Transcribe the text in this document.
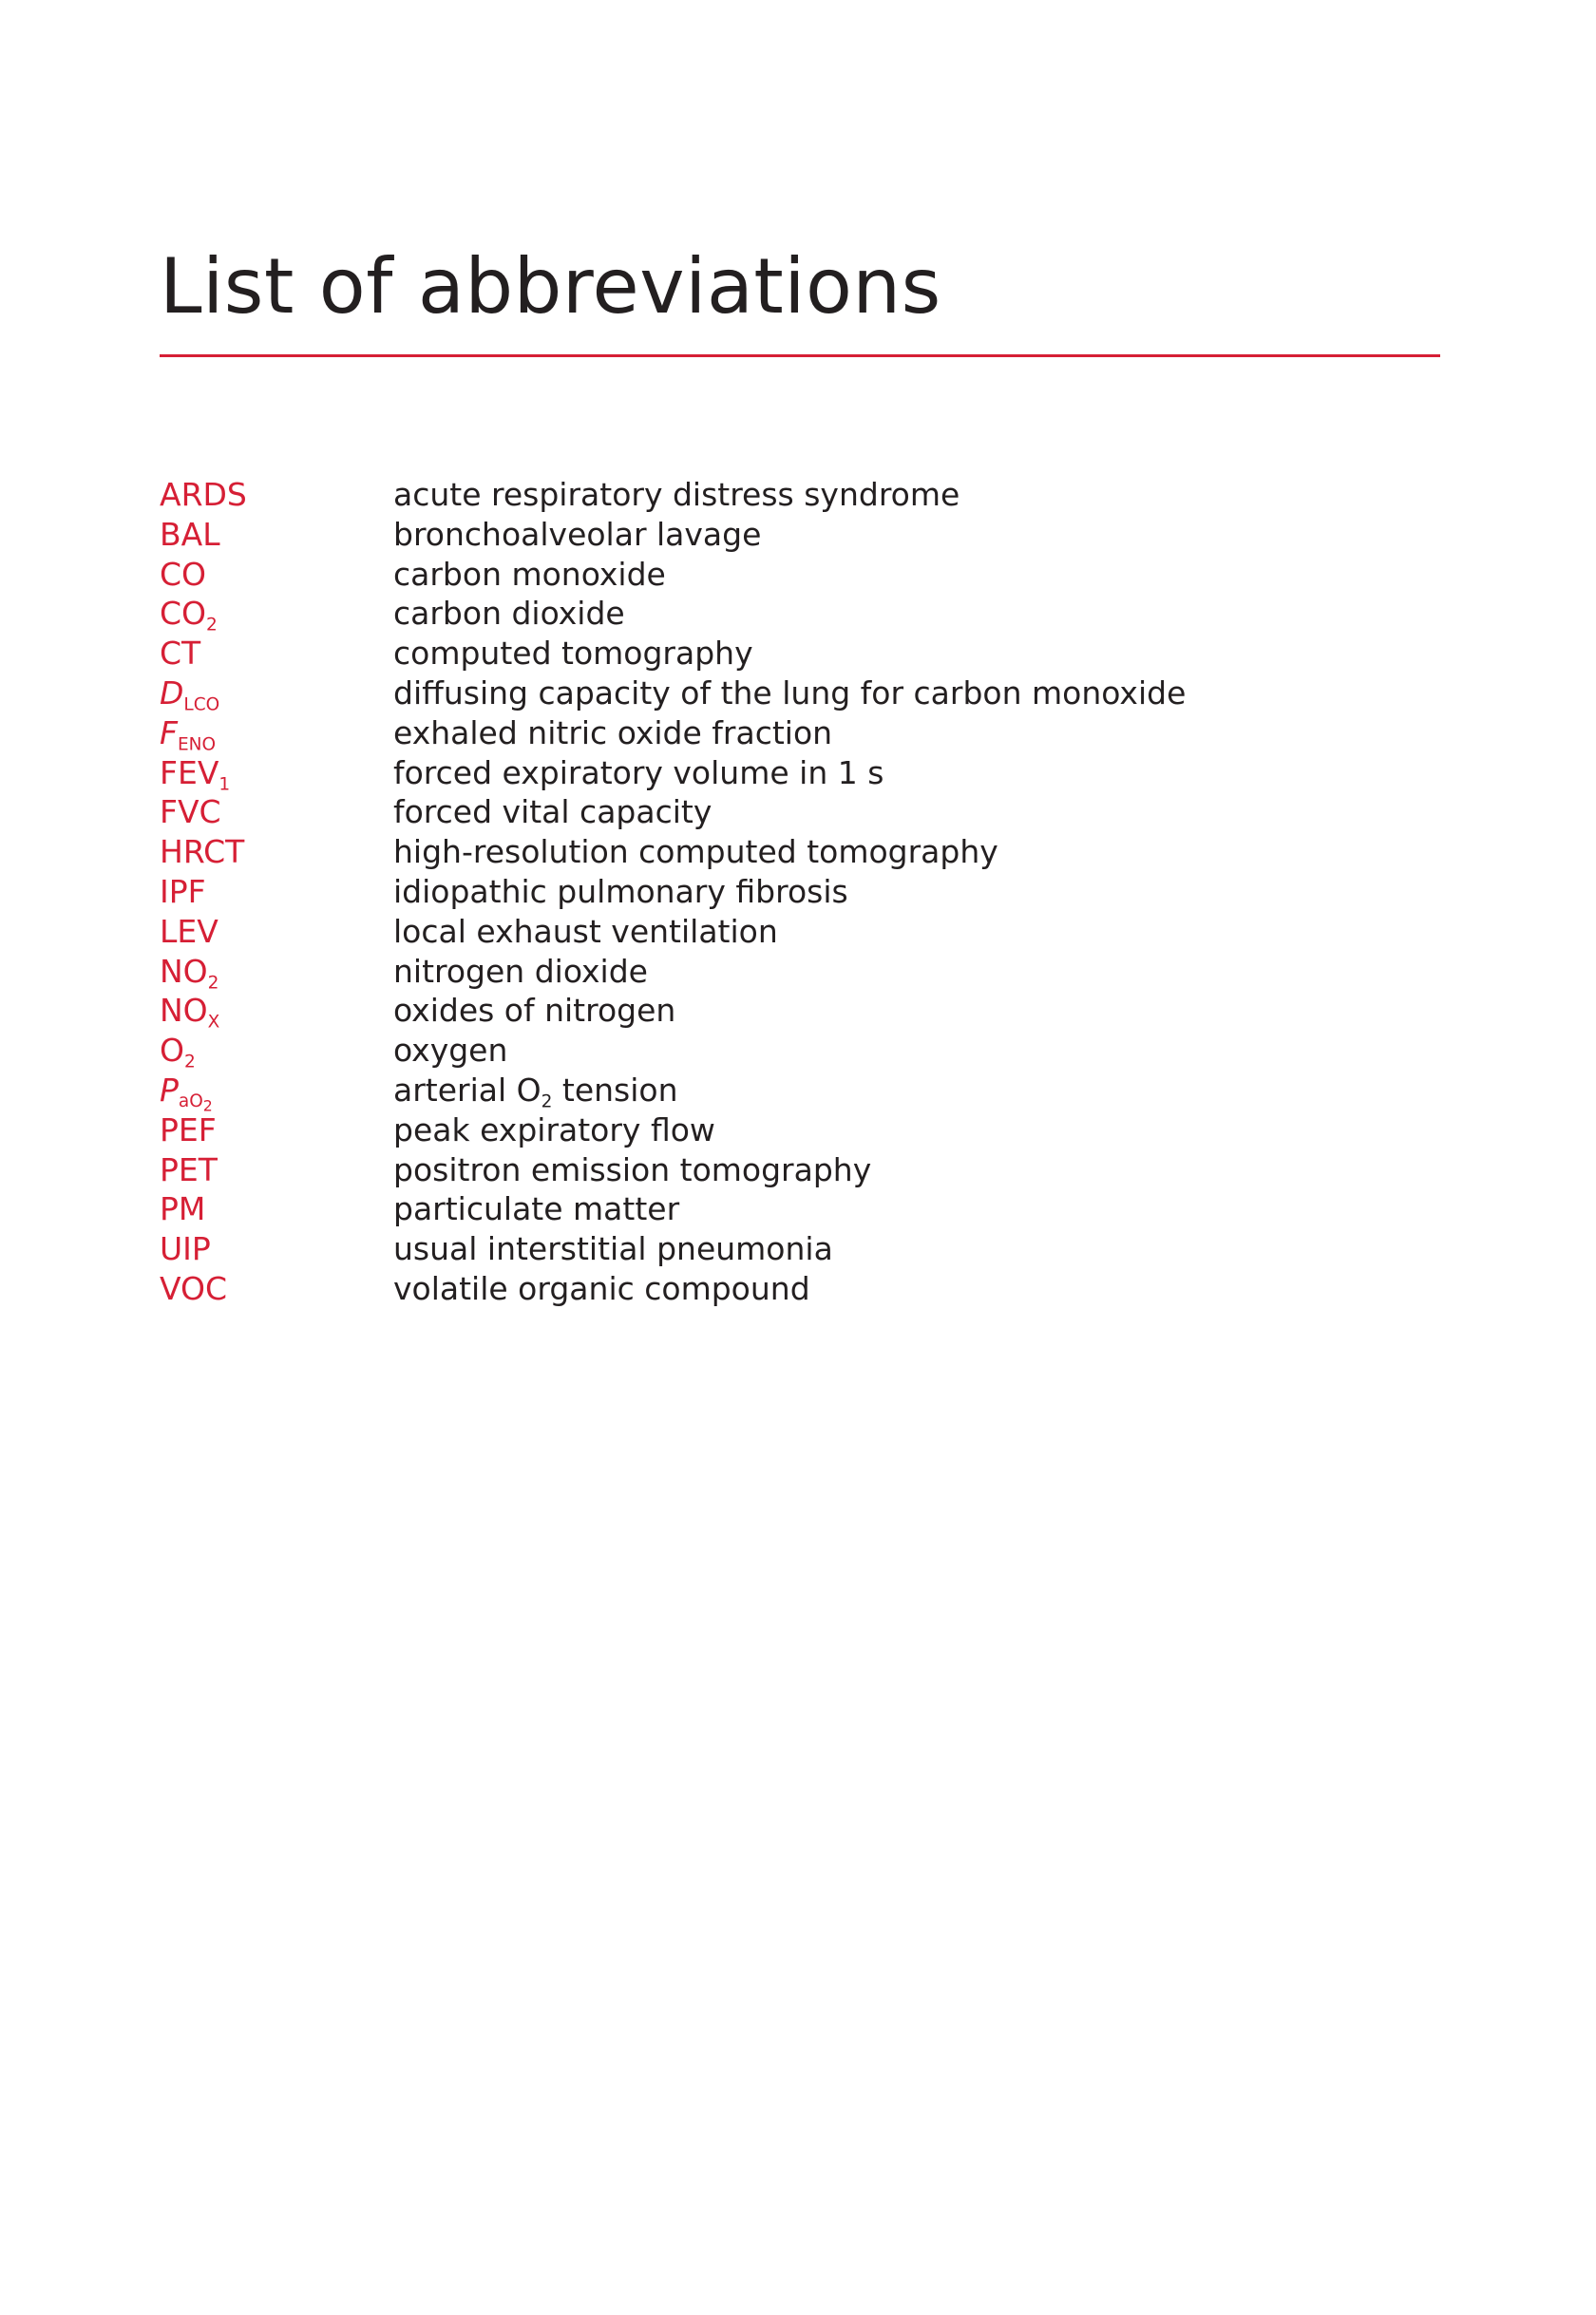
List of abbreviations
ARDS	acute respiratory distress syndrome
BAL	bronchoalveolar lavage
CO	carbon monoxide
$CO_2$	carbon dioxide
CT	computed tomography
$D_{LCO}$	diffusing capacity of the lung for carbon monoxide
$F_{ENO}$	exhaled nitric oxide fraction
$FEV_1$	forced expiratory volume in 1 s
FVC	forced vital capacity
HRCT	high-resolution computed tomography
IPF	idiopathic pulmonary fibrosis
LEV	local exhaust ventilation
$NO_2$	nitrogen dioxide
$NO_X$	oxides of nitrogen
$O_2$	oxygen
$P_{aO_2}$	arterial $O_2$ tension
PEF	peak expiratory flow
PET	positron emission tomography
PM	particulate matter
UIP	usual interstitial pneumonia
VOC	volatile organic compound
